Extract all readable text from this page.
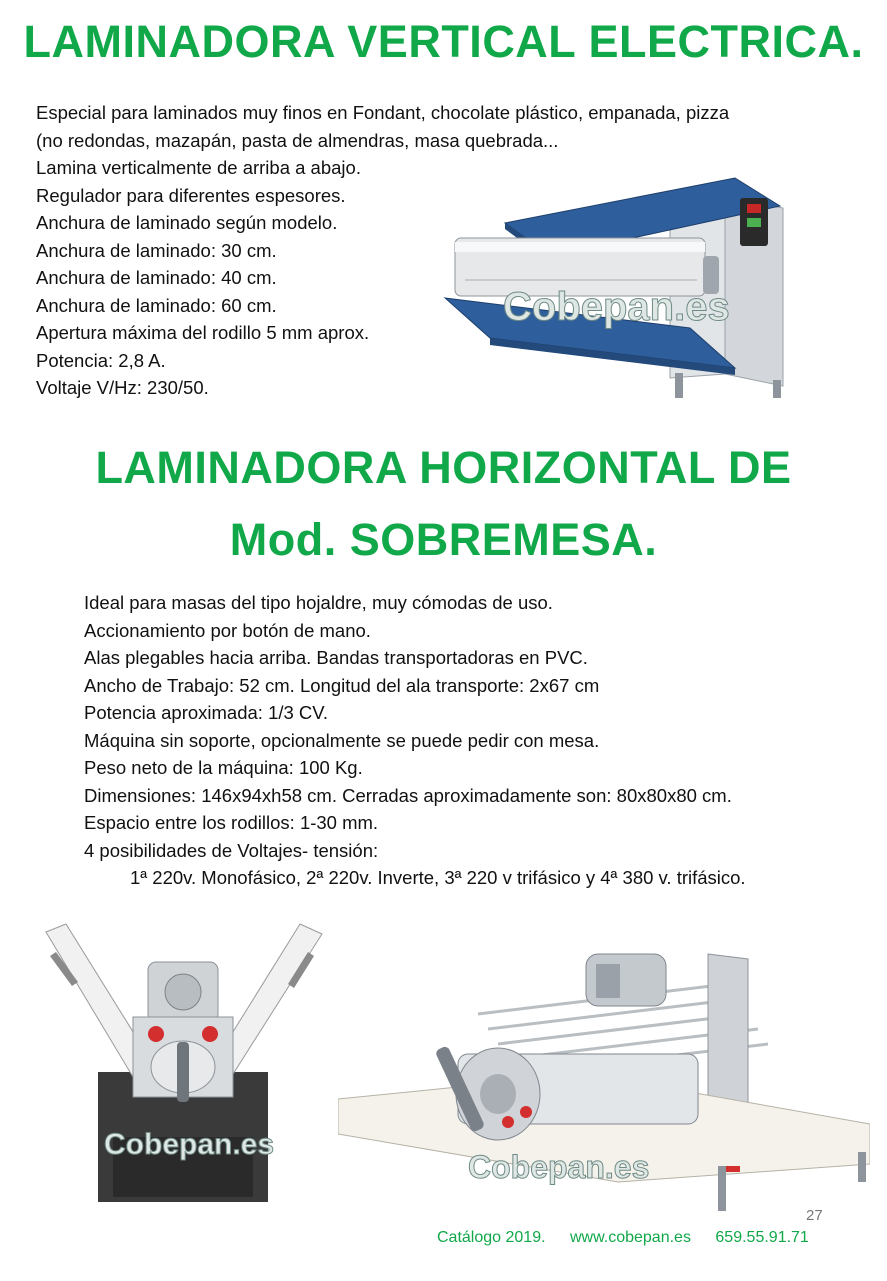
LAMINADORA VERTICAL ELECTRICA.
Especial para laminados muy finos en Fondant, chocolate plástico, empanada, pizza
(no redondas, mazapán, pasta de almendras, masa quebrada...
Lamina verticalmente de arriba a abajo.
Regulador para diferentes espesores.
Anchura de laminado según modelo.
Anchura de laminado: 30 cm.
Anchura de laminado: 40 cm.
Anchura de laminado: 60 cm.
Apertura máxima del rodillo 5 mm aprox.
Potencia: 2,8 A.
Voltaje V/Hz: 230/50.
Cobepan.es
LAMINADORA HORIZONTAL DE
Mod. SOBREMESA.
Ideal para masas del tipo hojaldre, muy cómodas de uso.
Accionamiento por botón de mano.
Alas plegables hacia arriba. Bandas transportadoras en PVC.
Ancho de Trabajo: 52 cm. Longitud del ala transporte: 2x67 cm
Potencia aproximada: 1/3 CV.
Máquina sin soporte, opcionalmente se puede pedir con mesa.
Peso neto de la máquina: 100 Kg.
Dimensiones: 146x94xh58 cm. Cerradas aproximadamente son: 80x80x80 cm.
Espacio entre los rodillos: 1-30 mm.
4 posibilidades de Voltajes- tensión:
1ª 220v. Monofásico, 2ª 220v. Inverte, 3ª 220 v trifásico y 4ª 380 v. trifásico.
Cobepan.es
Cobepan.es
27
Catálogo 2019. www.cobepan.es 659.55.91.71
